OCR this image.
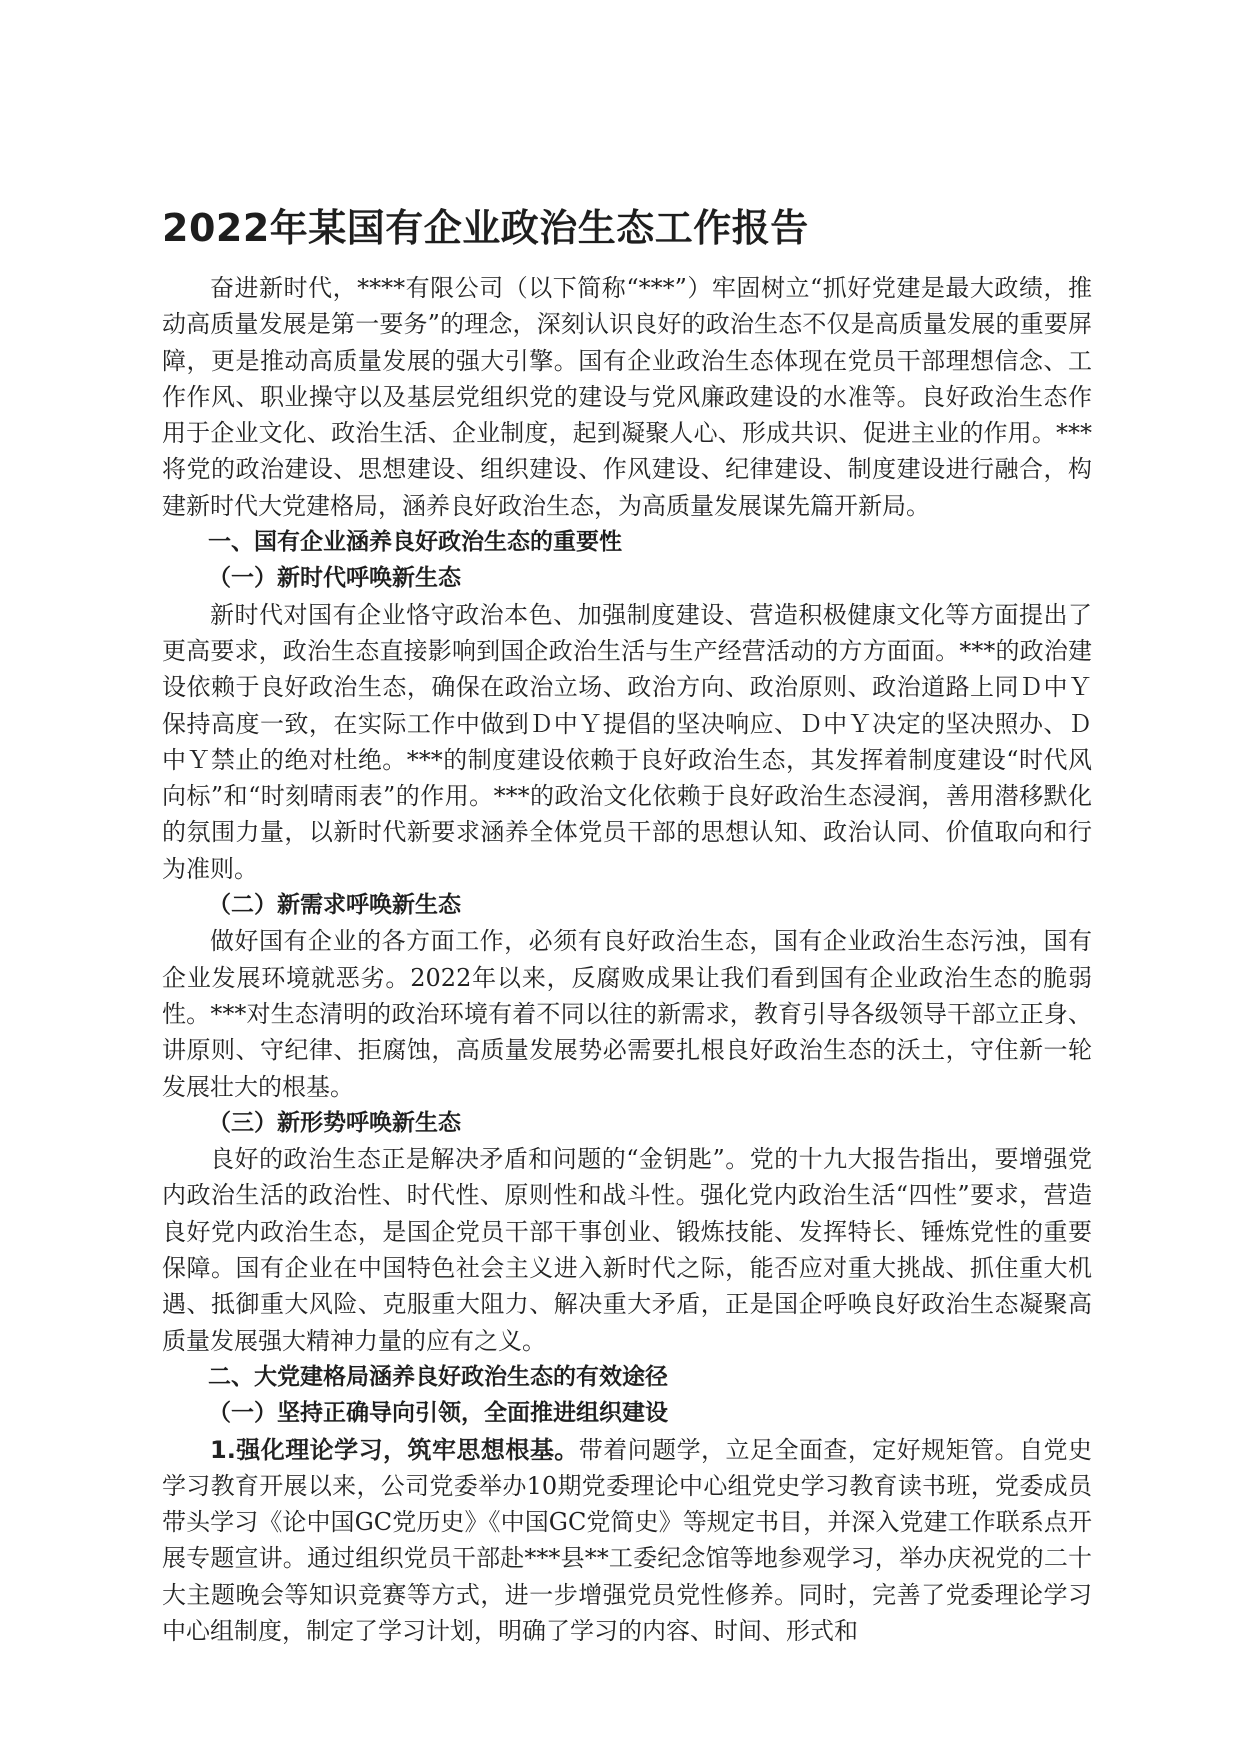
2022年某国有企业政治生态工作报告

奋进新时代，****有限公司（以下简称“***”）牢固树立“抓好党建是最大政绩，推动高质量发展是第一要务”的理念，深刻认识良好的政治生态不仅是高质量发展的重要屏障，更是推动高质量发展的强大引擎。国有企业政治生态体现在党员干部理想信念、工作作风、职业操守以及基层党组织党的建设与党风廉政建设的水准等。良好政治生态作用于企业文化、政治生活、企业制度，起到凝聚人心、形成共识、促进主业的作用。***将党的政治建设、思想建设、组织建设、作风建设、纪律建设、制度建设进行融合，构建新时代大党建格局，涵养良好政治生态，为高质量发展谋先篇开新局。

一、国有企业涵养良好政治生态的重要性

（一）新时代呼唤新生态

新时代对国有企业恪守政治本色、加强制度建设、营造积极健康文化等方面提出了更高要求，政治生态直接影响到国企政治生活与生产经营活动的方方面面。***的政治建设依赖于良好政治生态，确保在政治立场、政治方向、政治原则、政治道路上同Ｄ中Ｙ保持高度一致，在实际工作中做到Ｄ中Ｙ提倡的坚决响应、Ｄ中Ｙ决定的坚决照办、Ｄ中Ｙ禁止的绝对杜绝。***的制度建设依赖于良好政治生态，其发挥着制度建设“时代风向标”和“时刻晴雨表”的作用。***的政治文化依赖于良好政治生态浸润，善用潜移默化的氛围力量，以新时代新要求涵养全体党员干部的思想认知、政治认同、价值取向和行为准则。

（二）新需求呼唤新生态

做好国有企业的各方面工作，必须有良好政治生态，国有企业政治生态污浊，国有企业发展环境就恶劣。2022年以来，反腐败成果让我们看到国有企业政治生态的脆弱性。***对生态清明的政治环境有着不同以往的新需求，教育引导各级领导干部立正身、讲原则、守纪律、拒腐蚀，高质量发展势必需要扎根良好政治生态的沃土，守住新一轮发展壮大的根基。

（三）新形势呼唤新生态

良好的政治生态正是解决矛盾和问题的“金钥匙”。党的十九大报告指出，要增强党内政治生活的政治性、时代性、原则性和战斗性。强化党内政治生活“四性”要求，营造良好党内政治生态，是国企党员干部干事创业、锻炼技能、发挥特长、锤炼党性的重要保障。国有企业在中国特色社会主义进入新时代之际，能否应对重大挑战、抓住重大机遇、抵御重大风险、克服重大阻力、解决重大矛盾，正是国企呼唤良好政治生态凝聚高质量发展强大精神力量的应有之义。

二、大党建格局涵养良好政治生态的有效途径

（一）坚持正确导向引领，全面推进组织建设

1.强化理论学习，筑牢思想根基。带着问题学，立足全面查，定好规矩管。自党史学习教育开展以来，公司党委举办10期党委理论中心组党史学习教育读书班，党委成员带头学习《论中国GC党历史》《中国GC党简史》等规定书目，并深入党建工作联系点开展专题宣讲。通过组织党员干部赴***县**工委纪念馆等地参观学习，举办庆祝党的二十大主题晚会等知识竞赛等方式，进一步增强党员党性修养。同时，完善了党委理论学习中心组制度，制定了学习计划，明确了学习的内容、时间、形式和
